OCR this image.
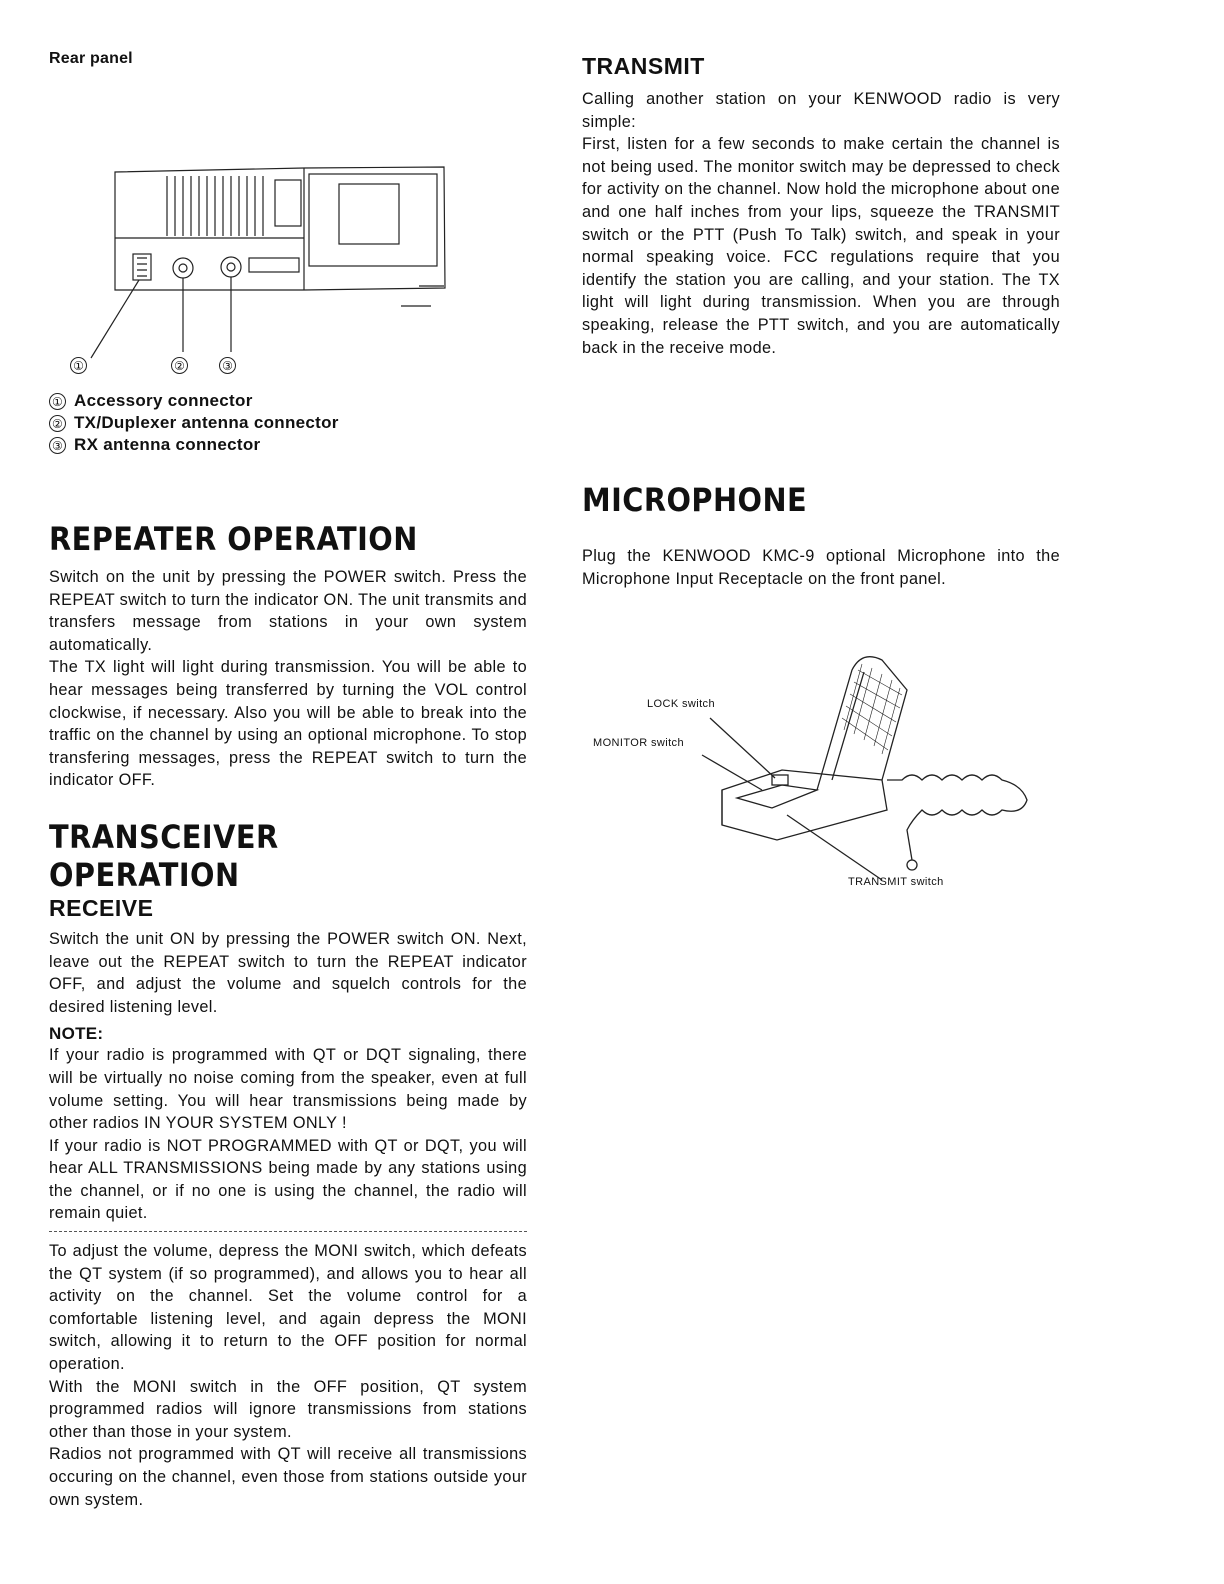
Rear panel
①	②	③
① Accessory connector
② TX/Duplexer antenna connector
③ RX antenna connector
REPEATER OPERATION

Switch on the unit by pressing the POWER switch. Press the REPEAT switch to turn the indicator ON. The unit transmits and transfers message from stations in your own system automatically.

The TX light will light during transmission. You will be able to hear messages being transferred by turning the VOL control clockwise, if necessary. Also you will be able to break into the traffic on the channel by using an optional microphone. To stop transfering messages, press the REPEAT switch to turn the indicator OFF.

TRANSCEIVER OPERATION
RECEIVE

Switch the unit ON by pressing the POWER switch ON. Next, leave out the REPEAT switch to turn the REPEAT indicator OFF, and adjust the volume and squelch controls for the desired listening level.

NOTE:

If your radio is programmed with QT or DQT signaling, there will be virtually no noise coming from the speaker, even at full volume setting. You will hear transmissions being made by other radios IN YOUR SYSTEM ONLY !

If your radio is NOT PROGRAMMED with QT or DQT, you will hear ALL TRANSMISSIONS being made by any stations using the channel, or if no one is using the channel, the radio will remain quiet.

To adjust the volume, depress the MONI switch, which defeats the QT system (if so programmed), and allows you to hear all activity on the channel. Set the volume control for a comfortable listening level, and again depress the MONI switch, allowing it to return to the OFF position for normal operation.

With the MONI switch in the OFF position, QT system programmed radios will ignore transmissions from stations other than those in your system.

Radios not programmed with QT will receive all transmissions occuring on the channel, even those from stations outside your own system.

TRANSMIT

Calling another station on your KENWOOD radio is very simple:

First, listen for a few seconds to make certain the channel is not being used. The monitor switch may be depressed to check for activity on the channel. Now hold the microphone about one and one half inches from your lips, squeeze the TRANSMIT switch or the PTT (Push To Talk) switch, and speak in your normal speaking voice. FCC regulations require that you identify the station you are calling, and your station. The TX light will light during transmission. When you are through speaking, release the PTT switch, and you are automatically back in the receive mode.

MICROPHONE

Plug the KENWOOD KMC-9 optional Microphone into the Microphone Input Receptacle on the front panel.

LOCK switch
MONITOR switch
TRANSMIT switch
